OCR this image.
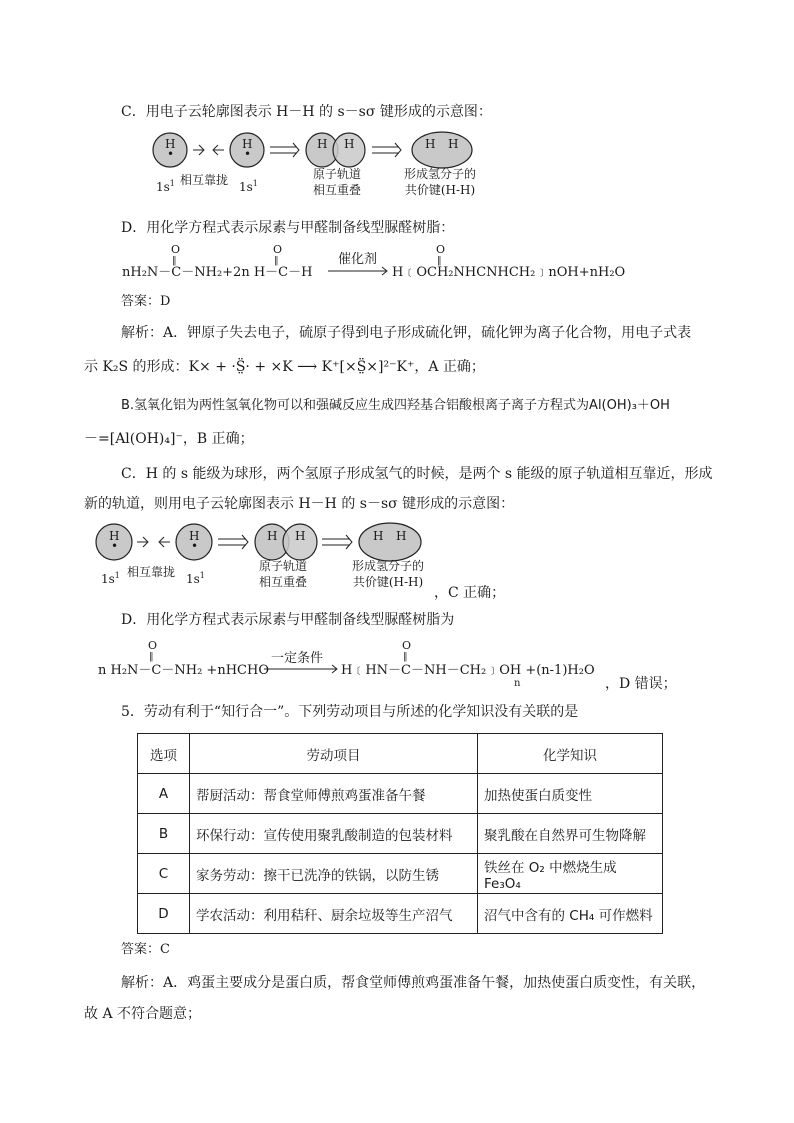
C．用电子云轮廓图表示 H－H 的 s－sσ 键形成的示意图：
H
•
H
•
H H	H H
$1s^1$ 相互靠拢 $1s^1$
原子轨道
相互重叠
形成氢分子的
共价键(H-H)
D．用化学方程式表示尿素与甲醛制备线型脲醛树脂：
O
‖
O
‖
nH₂N－C－NH₂+2n H－C－H
催化剂
O
‖
H﹝OCH₂NHCNHCH₂﹞nOH+nH₂O
答案：D
解析：A．钾原子失去电子，硫原子得到电子形成硫化钾，硫化钾为离子化合物，用电子式表
示 K₂S 的形成：K× + ·S̤̈· + ×K ⟶ K⁺[×S̤̈×]²⁻K⁺，A 正确；
B.氢氧化铝为两性氢氧化物可以和强碱反应生成四羟基合铝酸根离子离子方程式为Al(OH)₃＋OH
－=[Al(OH)₄]⁻，B 正确；
C．H 的 s 能级为球形，两个氢原子形成氢气的时候，是两个 s 能级的原子轨道相互靠近，形成
新的轨道，则用电子云轮廓图表示 H－H 的 s－sσ 键形成的示意图：
H
•
H
•
H H	H H
$1s^1$ 相互靠拢 $1s^1$
原子轨道
相互重叠
形成氢分子的
共价键(H-H)
，C 正确；
D．用化学方程式表示尿素与甲醛制备线型脲醛树脂为
O
‖
n H₂N－C－NH₂ +nHCHO
一定条件
O
‖
H﹝HN－C－NH－CH₂﹞OH +(n-1)H₂O
n	，D 错误；
5．劳动有利于“知行合一”。下列劳动项目与所述的化学知识没有关联的是
选项	劳动项目	化学知识
A	帮厨活动：帮食堂师傅煎鸡蛋准备午餐	加热使蛋白质变性
B	环保行动：宣传使用聚乳酸制造的包装材料	聚乳酸在自然界可生物降解
C	家务劳动：擦干已洗净的铁锅，以防生锈	铁丝在 O₂ 中燃烧生成 Fe₃O₄
D	学农活动：利用秸秆、厨余垃圾等生产沼气	沼气中含有的 CH₄ 可作燃料
答案：C
解析：A．鸡蛋主要成分是蛋白质，帮食堂师傅煎鸡蛋准备午餐，加热使蛋白质变性，有关联，
故 A 不符合题意；
